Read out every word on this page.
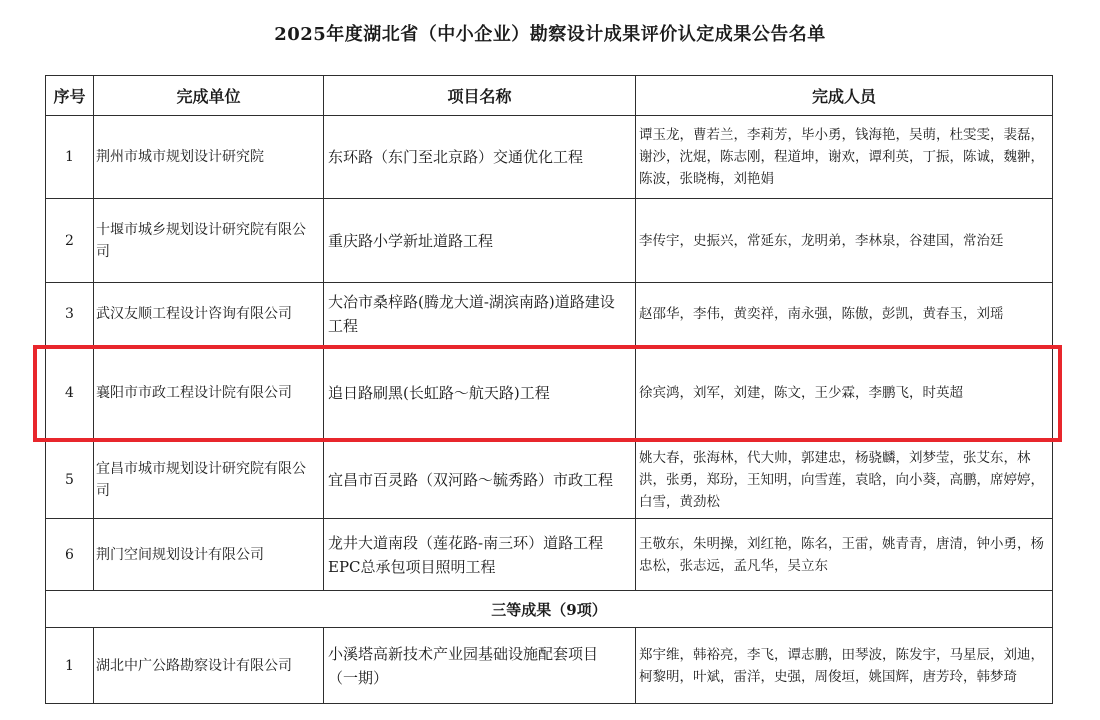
2025年度湖北省（中小企业）勘察设计成果评价认定成果公告名单
序号	完成单位	项目名称	完成人员
1	荆州市城市规划设计研究院	东环路（东门至北京路）交通优化工程	谭玉龙，曹若兰，李莉芳，毕小勇，钱海艳，吴萌，杜雯雯，裴磊，谢沙，沈焜，陈志刚，程道坤，谢欢，谭利英，丁振，陈诚，魏翀，陈波，张晓梅，刘艳娟
2	十堰市城乡规划设计研究院有限公司	重庆路小学新址道路工程	李传宇，史振兴，常延东，龙明弟，李林泉，谷建国，常治廷
3	武汉友顺工程设计咨询有限公司	大冶市桑梓路(腾龙大道-湖滨南路)道路建设工程	赵邵华，李伟，黄奕祥，南永强，陈傲，彭凯，黄春玉，刘瑶
4	襄阳市市政工程设计院有限公司	追日路刷黑(长虹路～航天路)工程	徐宾鸿，刘军，刘建，陈文，王少霖，李鹏飞，时英超
5	宜昌市城市规划设计研究院有限公司	宜昌市百灵路（双河路～毓秀路）市政工程	姚大春，张海林，代大帅，郭建忠，杨骁麟，刘梦莹，张艾东，林洪，张勇，郑玢，王知明，向雪莲，袁晗，向小葵，高鹏，席婷婷，白雪，黄劲松
6	荆门空间规划设计有限公司	龙井大道南段（莲花路-南三环）道路工程EPC总承包项目照明工程	王敬东，朱明操，刘红艳，陈名，王雷，姚青青，唐清，钟小勇，杨忠松，张志远，孟凡华，吴立东
三等成果（9项）			
1	湖北中广公路勘察设计有限公司	小溪塔高新技术产业园基础设施配套项目（一期）	郑宇维，韩裕亮，李飞，谭志鹏，田琴波，陈发宇，马星辰，刘迪，柯黎明，叶斌，雷洋，史强，周俊垣，姚国辉，唐芳玲，韩梦琦
